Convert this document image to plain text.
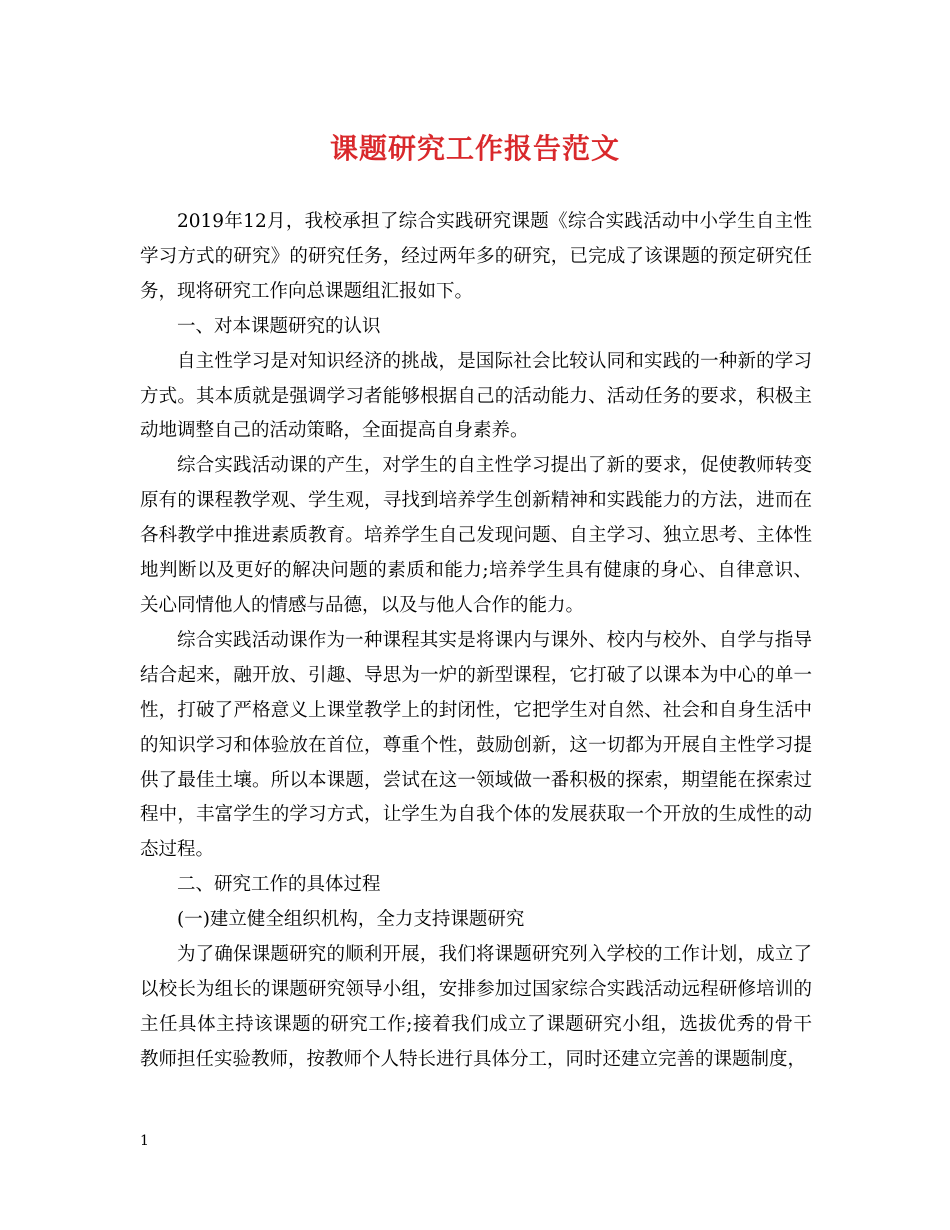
课题研究工作报告范文

2019年12月，我校承担了综合实践研究课题《综合实践活动中小学生自主性学习方式的研究》的研究任务，经过两年多的研究，已完成了该课题的预定研究任务，现将研究工作向总课题组汇报如下。

一、对本课题研究的认识

自主性学习是对知识经济的挑战，是国际社会比较认同和实践的一种新的学习方式。其本质就是强调学习者能够根据自己的活动能力、活动任务的要求，积极主动地调整自己的活动策略，全面提高自身素养。

综合实践活动课的产生，对学生的自主性学习提出了新的要求，促使教师转变原有的课程教学观、学生观，寻找到培养学生创新精神和实践能力的方法，进而在各科教学中推进素质教育。培养学生自己发现问题、自主学习、独立思考、主体性地判断以及更好的解决问题的素质和能力;培养学生具有健康的身心、自律意识、关心同情他人的情感与品德，以及与他人合作的能力。

综合实践活动课作为一种课程其实是将课内与课外、校内与校外、自学与指导结合起来，融开放、引趣、导思为一炉的新型课程，它打破了以课本为中心的单一性，打破了严格意义上课堂教学上的封闭性，它把学生对自然、社会和自身生活中的知识学习和体验放在首位，尊重个性，鼓励创新，这一切都为开展自主性学习提供了最佳土壤。所以本课题，尝试在这一领域做一番积极的探索，期望能在探索过程中，丰富学生的学习方式，让学生为自我个体的发展获取一个开放的生成性的动态过程。

二、研究工作的具体过程

(一)建立健全组织机构，全力支持课题研究

为了确保课题研究的顺利开展，我们将课题研究列入学校的工作计划，成立了以校长为组长的课题研究领导小组，安排参加过国家综合实践活动远程研修培训的主任具体主持该课题的研究工作;接着我们成立了课题研究小组，选拔优秀的骨干教师担任实验教师，按教师个人特长进行具体分工，同时还建立完善的课题制度，

1
